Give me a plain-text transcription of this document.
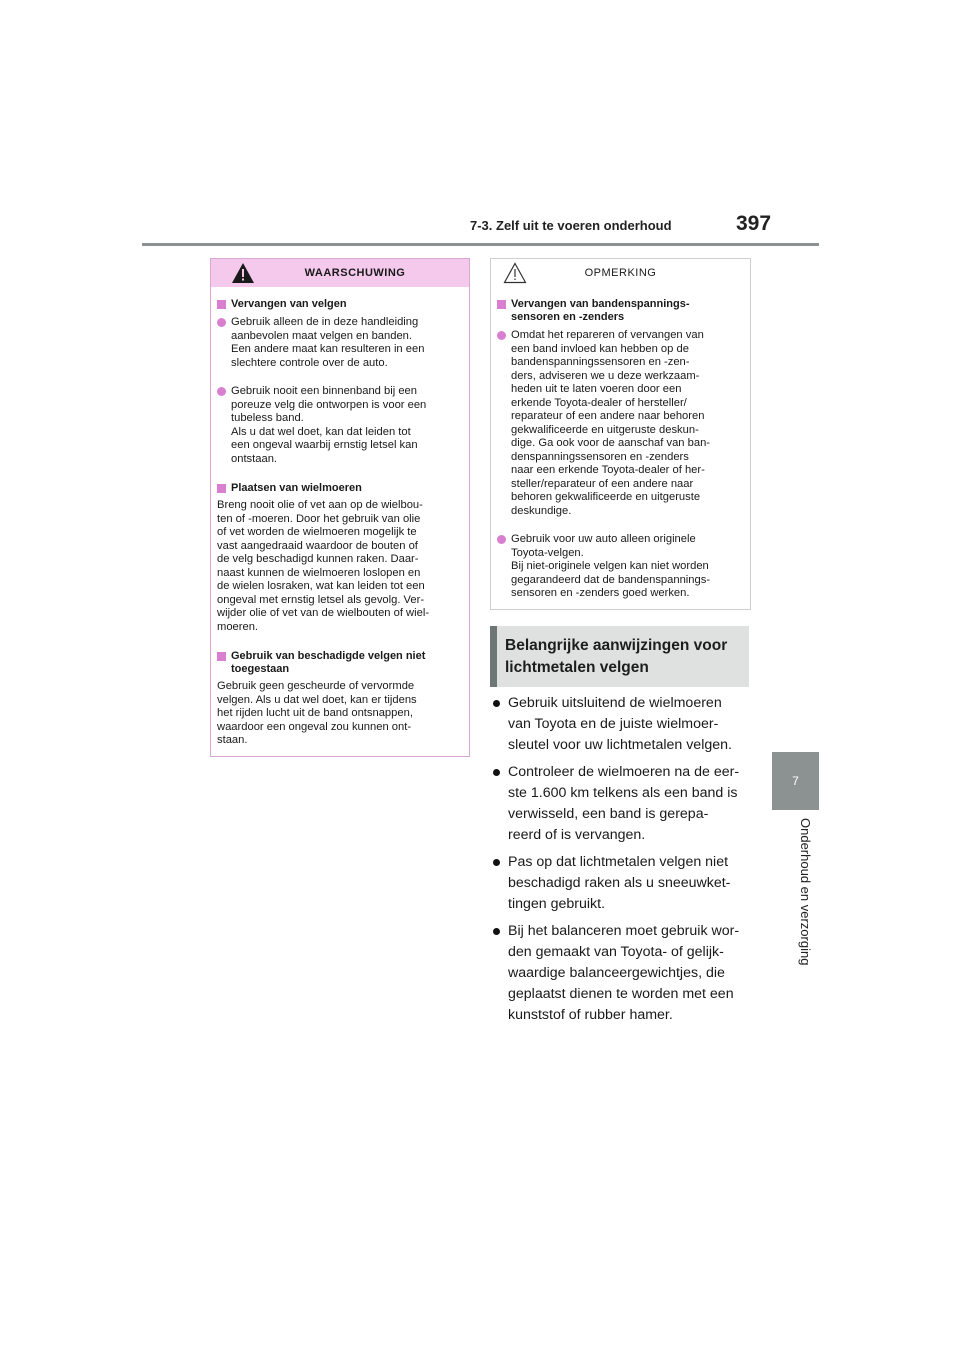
7-3. Zelf uit te voeren onderhoud	397
7
Onderhoud en verzorging
WAARSCHUWING
Vervangen van velgen
Gebruik alleen de in deze handleiding
aanbevolen maat velgen en banden.
Een andere maat kan resulteren in een
slechtere controle over de auto.
Gebruik nooit een binnenband bij een
poreuze velg die ontworpen is voor een
tubeless band.
Als u dat wel doet, kan dat leiden tot
een ongeval waarbij ernstig letsel kan
ontstaan.
Plaatsen van wielmoeren
Breng nooit olie of vet aan op de wielbou-
ten of -moeren. Door het gebruik van olie
of vet worden de wielmoeren mogelijk te
vast aangedraaid waardoor de bouten of
de velg beschadigd kunnen raken. Daar-
naast kunnen de wielmoeren loslopen en
de wielen losraken, wat kan leiden tot een
ongeval met ernstig letsel als gevolg. Ver-
wijder olie of vet van de wielbouten of wiel-
moeren.
Gebruik van beschadigde velgen niet
toegestaan
Gebruik geen gescheurde of vervormde
velgen. Als u dat wel doet, kan er tijdens
het rijden lucht uit de band ontsnappen,
waardoor een ongeval zou kunnen ont-
staan.
OPMERKING
Vervangen van bandenspannings-
sensoren en -zenders
Omdat het repareren of vervangen van
een band invloed kan hebben op de
bandenspanningssensoren en -zen-
ders, adviseren we u deze werkzaam-
heden uit te laten voeren door een
erkende Toyota-dealer of hersteller/
reparateur of een andere naar behoren
gekwalificeerde en uitgeruste deskun-
dige. Ga ook voor de aanschaf van ban-
denspanningssensoren en -zenders
naar een erkende Toyota-dealer of her-
steller/reparateur of een andere naar
behoren gekwalificeerde en uitgeruste
deskundige.
Gebruik voor uw auto alleen originele
Toyota-velgen.
Bij niet-originele velgen kan niet worden
gegarandeerd dat de bandenspannings-
sensoren en -zenders goed werken.
Belangrijke aanwijzingen voor
lichtmetalen velgen
Gebruik uitsluitend de wielmoeren
van Toyota en de juiste wielmoer-
sleutel voor uw lichtmetalen velgen.
Controleer de wielmoeren na de eer-
ste 1.600 km telkens als een band is
verwisseld, een band is gerepa-
reerd of is vervangen.
Pas op dat lichtmetalen velgen niet
beschadigd raken als u sneeuwket-
tingen gebruikt.
Bij het balanceren moet gebruik wor-
den gemaakt van Toyota- of gelijk-
waardige balanceergewichtjes, die
geplaatst dienen te worden met een
kunststof of rubber hamer.
